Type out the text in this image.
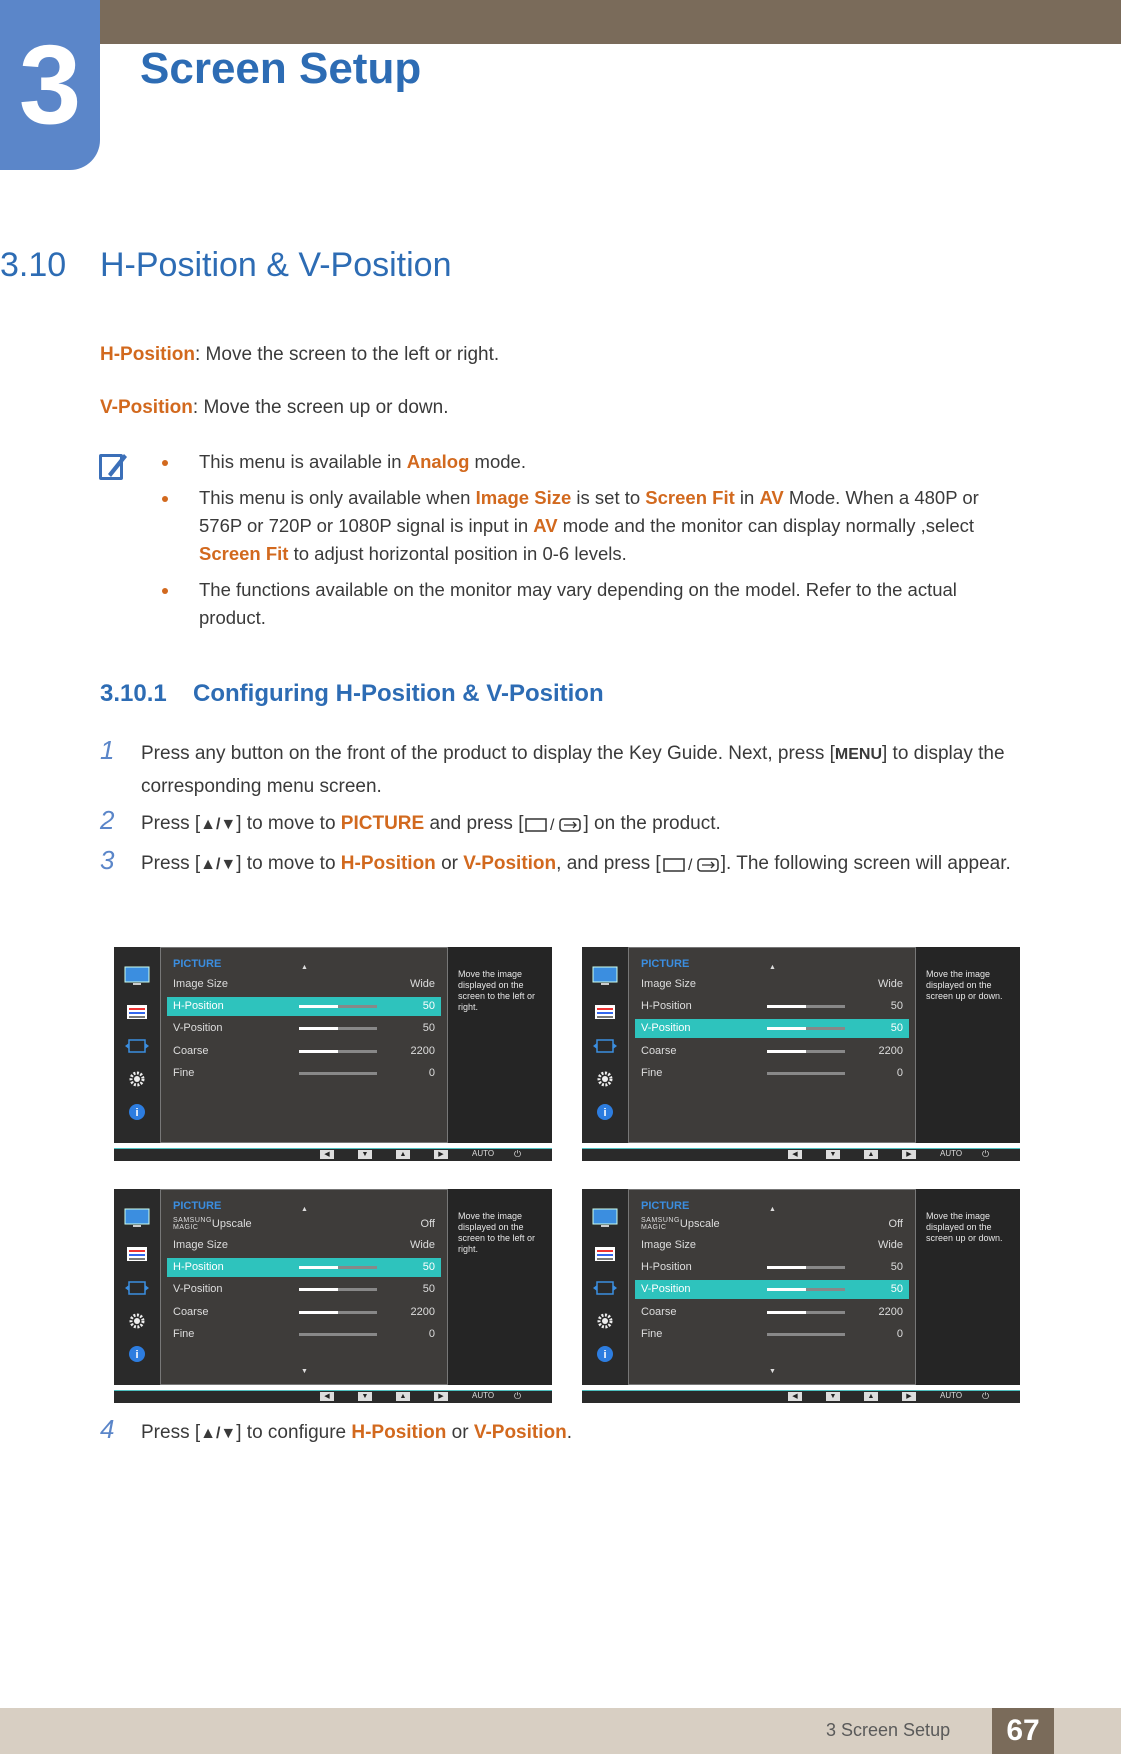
3	Screen Setup
3.10 H-Position & V-Position
H-Position: Move the screen to the left or right.
V-Position: Move the screen up or down.
This menu is available in Analog mode.
This menu is only available when Image Size is set to Screen Fit in AV Mode. When a 480P or 576P or 720P or 1080P signal is input in AV mode and the monitor can display normally ,select Screen Fit to adjust horizontal position in 0-6 levels.
The functions available on the monitor may vary depending on the model. Refer to the actual product.
3.10.1 Configuring H-Position & V-Position
1 Press any button on the front of the product to display the Key Guide. Next, press [MENU] to display the corresponding menu screen.
2 Press [▲/▼] to move to PICTURE and press [ / ] on the product.
3 Press [▲/▼] to move to H-Position or V-Position, and press [ / ]. The following screen will appear.
i
PICTURE	▲
Image Size	Wide
H-Position	50
V-Position	50
Coarse	2200
Fine	0
Move the image displayed on the screen to the left or right.
◀	▼	▲	▶	AUTO ⏻
i
PICTURE	▲
Image Size	Wide
H-Position	50
V-Position	50
Coarse	2200
Fine	0
Move the image displayed on the screen up or down.
◀	▼	▲	▶	AUTO ⏻
i
PICTURE	▲
SAMSUNG
MAGIC Upscale	Off
Image Size	Wide
H-Position	50
V-Position	50
Coarse	2200
Fine	0
▼
Move the image displayed on the screen to the left or right.
◀	▼	▲	▶	AUTO ⏻
i
PICTURE	▲
SAMSUNG
MAGIC Upscale	Off
Image Size	Wide
H-Position	50
V-Position	50
Coarse	2200
Fine	0
▼
Move the image displayed on the screen up or down.
◀	▼	▲	▶	AUTO ⏻
4 Press [▲/▼] to configure H-Position or V-Position.
3 Screen Setup	67
